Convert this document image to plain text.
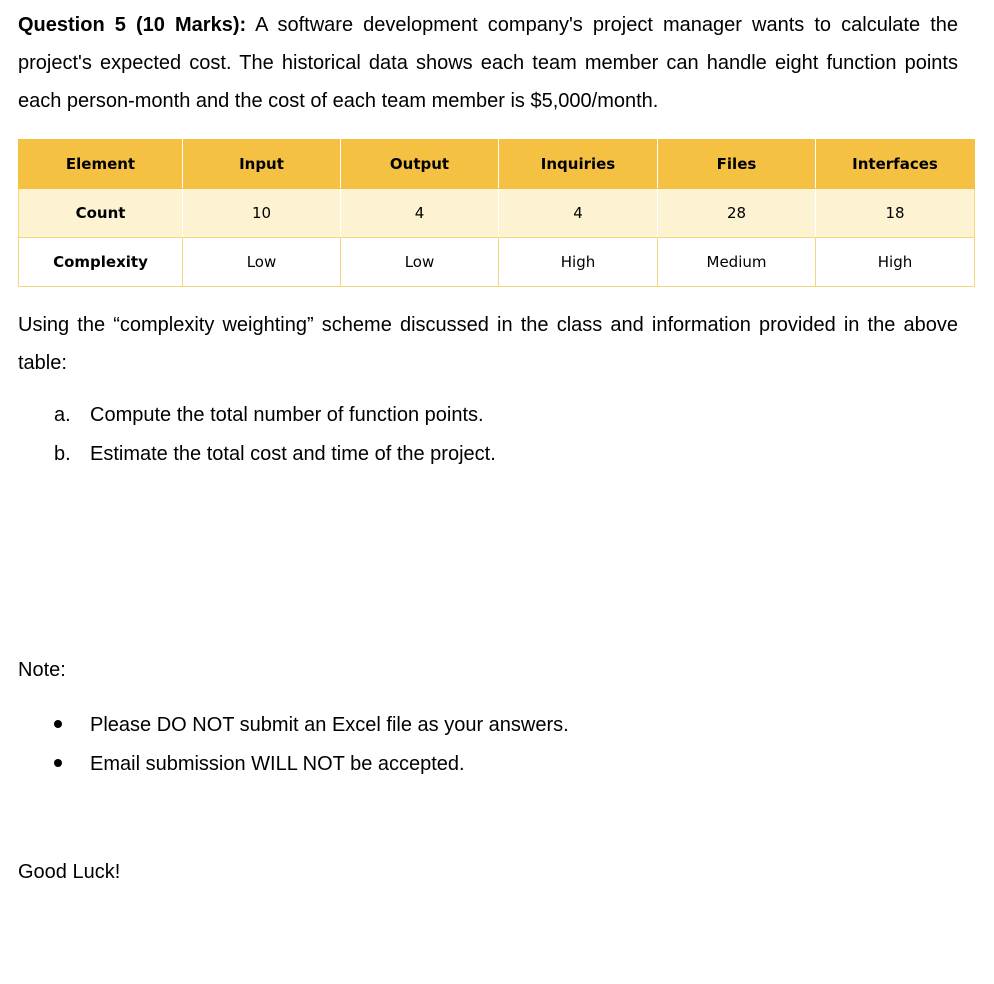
Question 5 (10 Marks): A software development company's project manager wants to calculate the project's expected cost. The historical data shows each team member can handle eight function points each person-month and the cost of each team member is $5,000/month.
Element	Input	Output	Inquiries	Files	Interfaces
Count	10	4	4	28	18
Complexity	Low	Low	High	Medium	High
Using the “complexity weighting” scheme discussed in the class and information provided in the above table:
a. Compute the total number of function points.
b. Estimate the total cost and time of the project.
Note:
Please DO NOT submit an Excel file as your answers.
Email submission WILL NOT be accepted.
Good Luck!
